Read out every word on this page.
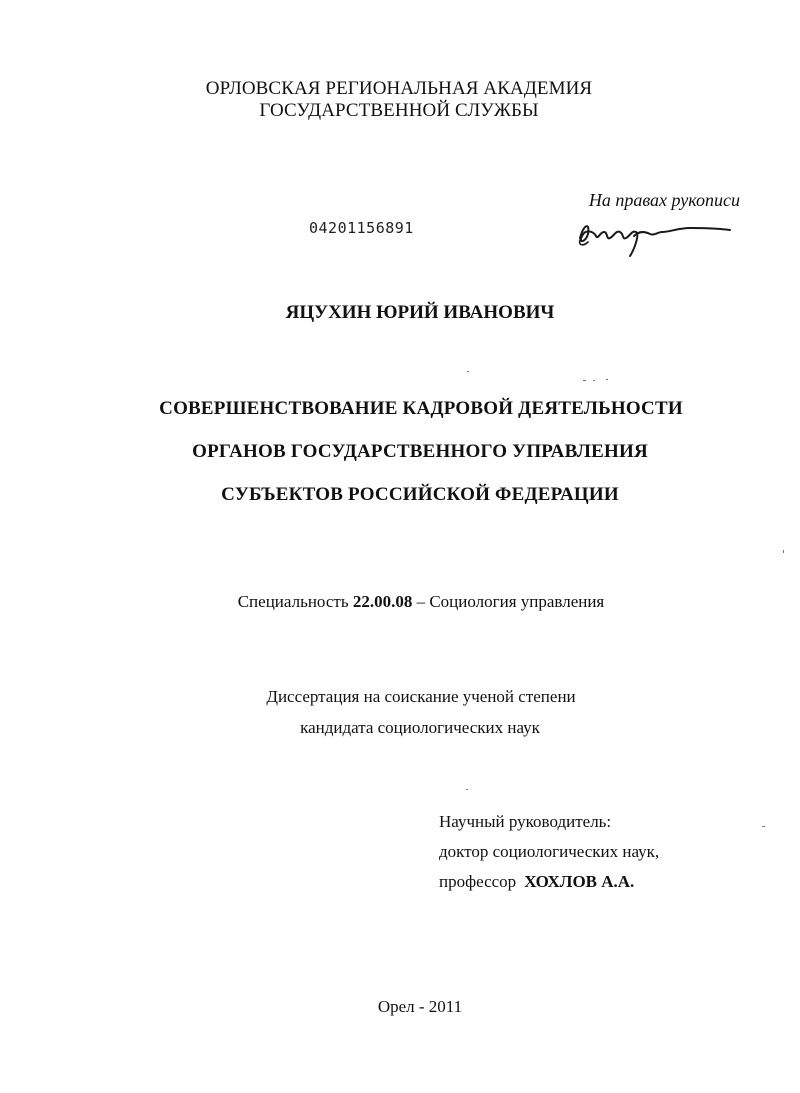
ОРЛОВСКАЯ РЕГИОНАЛЬНАЯ АКАДЕМИЯ
ГОСУДАРСТВЕННОЙ СЛУЖБЫ
На правах рукописи
04201156891
ЯЦУХИН ЮРИЙ ИВАНОВИЧ
СОВЕРШЕНСТВОВАНИЕ КАДРОВОЙ ДЕЯТЕЛЬНОСТИ
ОРГАНОВ ГОСУДАРСТВЕННОГО УПРАВЛЕНИЯ
СУБЪЕКТОВ РОССИЙСКОЙ ФЕДЕРАЦИИ
Специальность 22.00.08 – Социология управления
Диссертация на соискание ученой степени
кандидата социологических наук
Научный руководитель:
доктор социологических наук,
профессор ХОХЛОВ А.А.
Орел - 2011
